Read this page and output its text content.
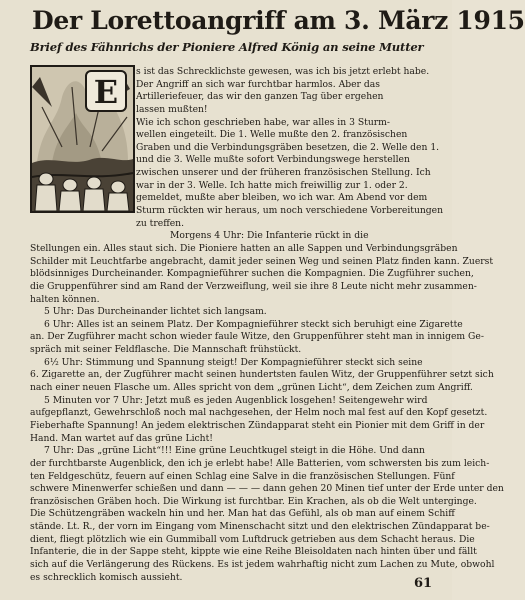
Der Lorettoangriff am 3. März 1915
Brief des Fähnrichs der Pioniere Alfred König an seine Mutter
E
s ist das Schrecklichste gewesen, was ich bis jetzt erlebt habe.
Der Angriff an sich war furchtbar harmlos. Aber das
Artilleriefeuer, das wir den ganzen Tag über ergehen
lassen mußten!
Wie ich schon geschrieben habe, war alles in 3 Sturm-
wellen eingeteilt. Die 1. Welle mußte den 2. französischen
Graben und die Verbindungsgräben besetzen, die 2. Welle den 1.
und die 3. Welle mußte sofort Verbindungswege herstellen
zwischen unserer und der früheren französischen Stellung. Ich
war in der 3. Welle. Ich hatte mich freiwillig zur 1. oder 2.
gemeldet, mußte aber bleiben, wo ich war. Am Abend vor dem
Sturm rückten wir heraus, um noch verschiedene Vorbereitungen
zu treffen.
Morgens 4 Uhr: Die Infanterie rückt in die
Stellungen ein. Alles staut sich. Die Pioniere hatten an alle Sappen und Verbindungsgräben
Schilder mit Leuchtfarbe angebracht, damit jeder seinen Weg und seinen Platz finden kann. Zuerst
blödsinniges Durcheinander. Kompagnieführer suchen die Kompagnien. Die Zugführer suchen,
die Gruppenführer sind am Rand der Verzweiflung, weil sie ihre 8 Leute nicht mehr zusammen-
halten können.
5 Uhr: Das Durcheinander lichtet sich langsam.
6 Uhr: Alles ist an seinem Platz. Der Kompagnieführer steckt sich beruhigt eine Zigarette
an. Der Zugführer macht schon wieder faule Witze, den Gruppenführer steht man in innigem Ge-
spräch mit seiner Feldflasche. Die Mannschaft frühstückt.
6½ Uhr: Stimmung und Spannung steigt! Der Kompagnieführer steckt sich seine
6. Zigarette an, der Zugführer macht seinen hundertsten faulen Witz, der Gruppenführer setzt sich
nach einer neuen Flasche um. Alles spricht von dem „grünen Licht“, dem Zeichen zum Angriff.
5 Minuten vor 7 Uhr: Jetzt muß es jeden Augenblick losgehen! Seitengewehr wird
aufgepflanzt, Gewehrschloß noch mal nachgesehen, der Helm noch mal fest auf den Kopf gesetzt.
Fieberhafte Spannung! An jedem elektrischen Zündapparat steht ein Pionier mit dem Griff in der
Hand. Man wartet auf das grüne Licht!
7 Uhr: Das „grüne Licht“!!! Eine grüne Leuchtkugel steigt in die Höhe. Und dann
der furchtbarste Augenblick, den ich je erlebt habe! Alle Batterien, vom schwersten bis zum leich-
ten Feldgeschütz, feuern auf einen Schlag eine Salve in die französischen Stellungen. Fünf
schwere Minenwerfer schießen und dann — — — dann gehen 20 Minen tief unter der Erde unter den
französischen Gräben hoch. Die Wirkung ist furchtbar. Ein Krachen, als ob die Welt unterginge.
Die Schützengräben wackeln hin und her. Man hat das Gefühl, als ob man auf einem Schiff
stände. Lt. R., der vorn im Eingang vom Minenschacht sitzt und den elektrischen Zündapparat be-
dient, fliegt plötzlich wie ein Gummiball vom Luftdruck getrieben aus dem Schacht heraus. Die
Infanterie, die in der Sappe steht, kippte wie eine Reihe Bleisoldaten nach hinten über und fällt
sich auf die Verlängerung des Rückens. Es ist jedem wahrhaftig nicht zum Lachen zu Mute, obwohl
es schrecklich komisch aussieht.	61
